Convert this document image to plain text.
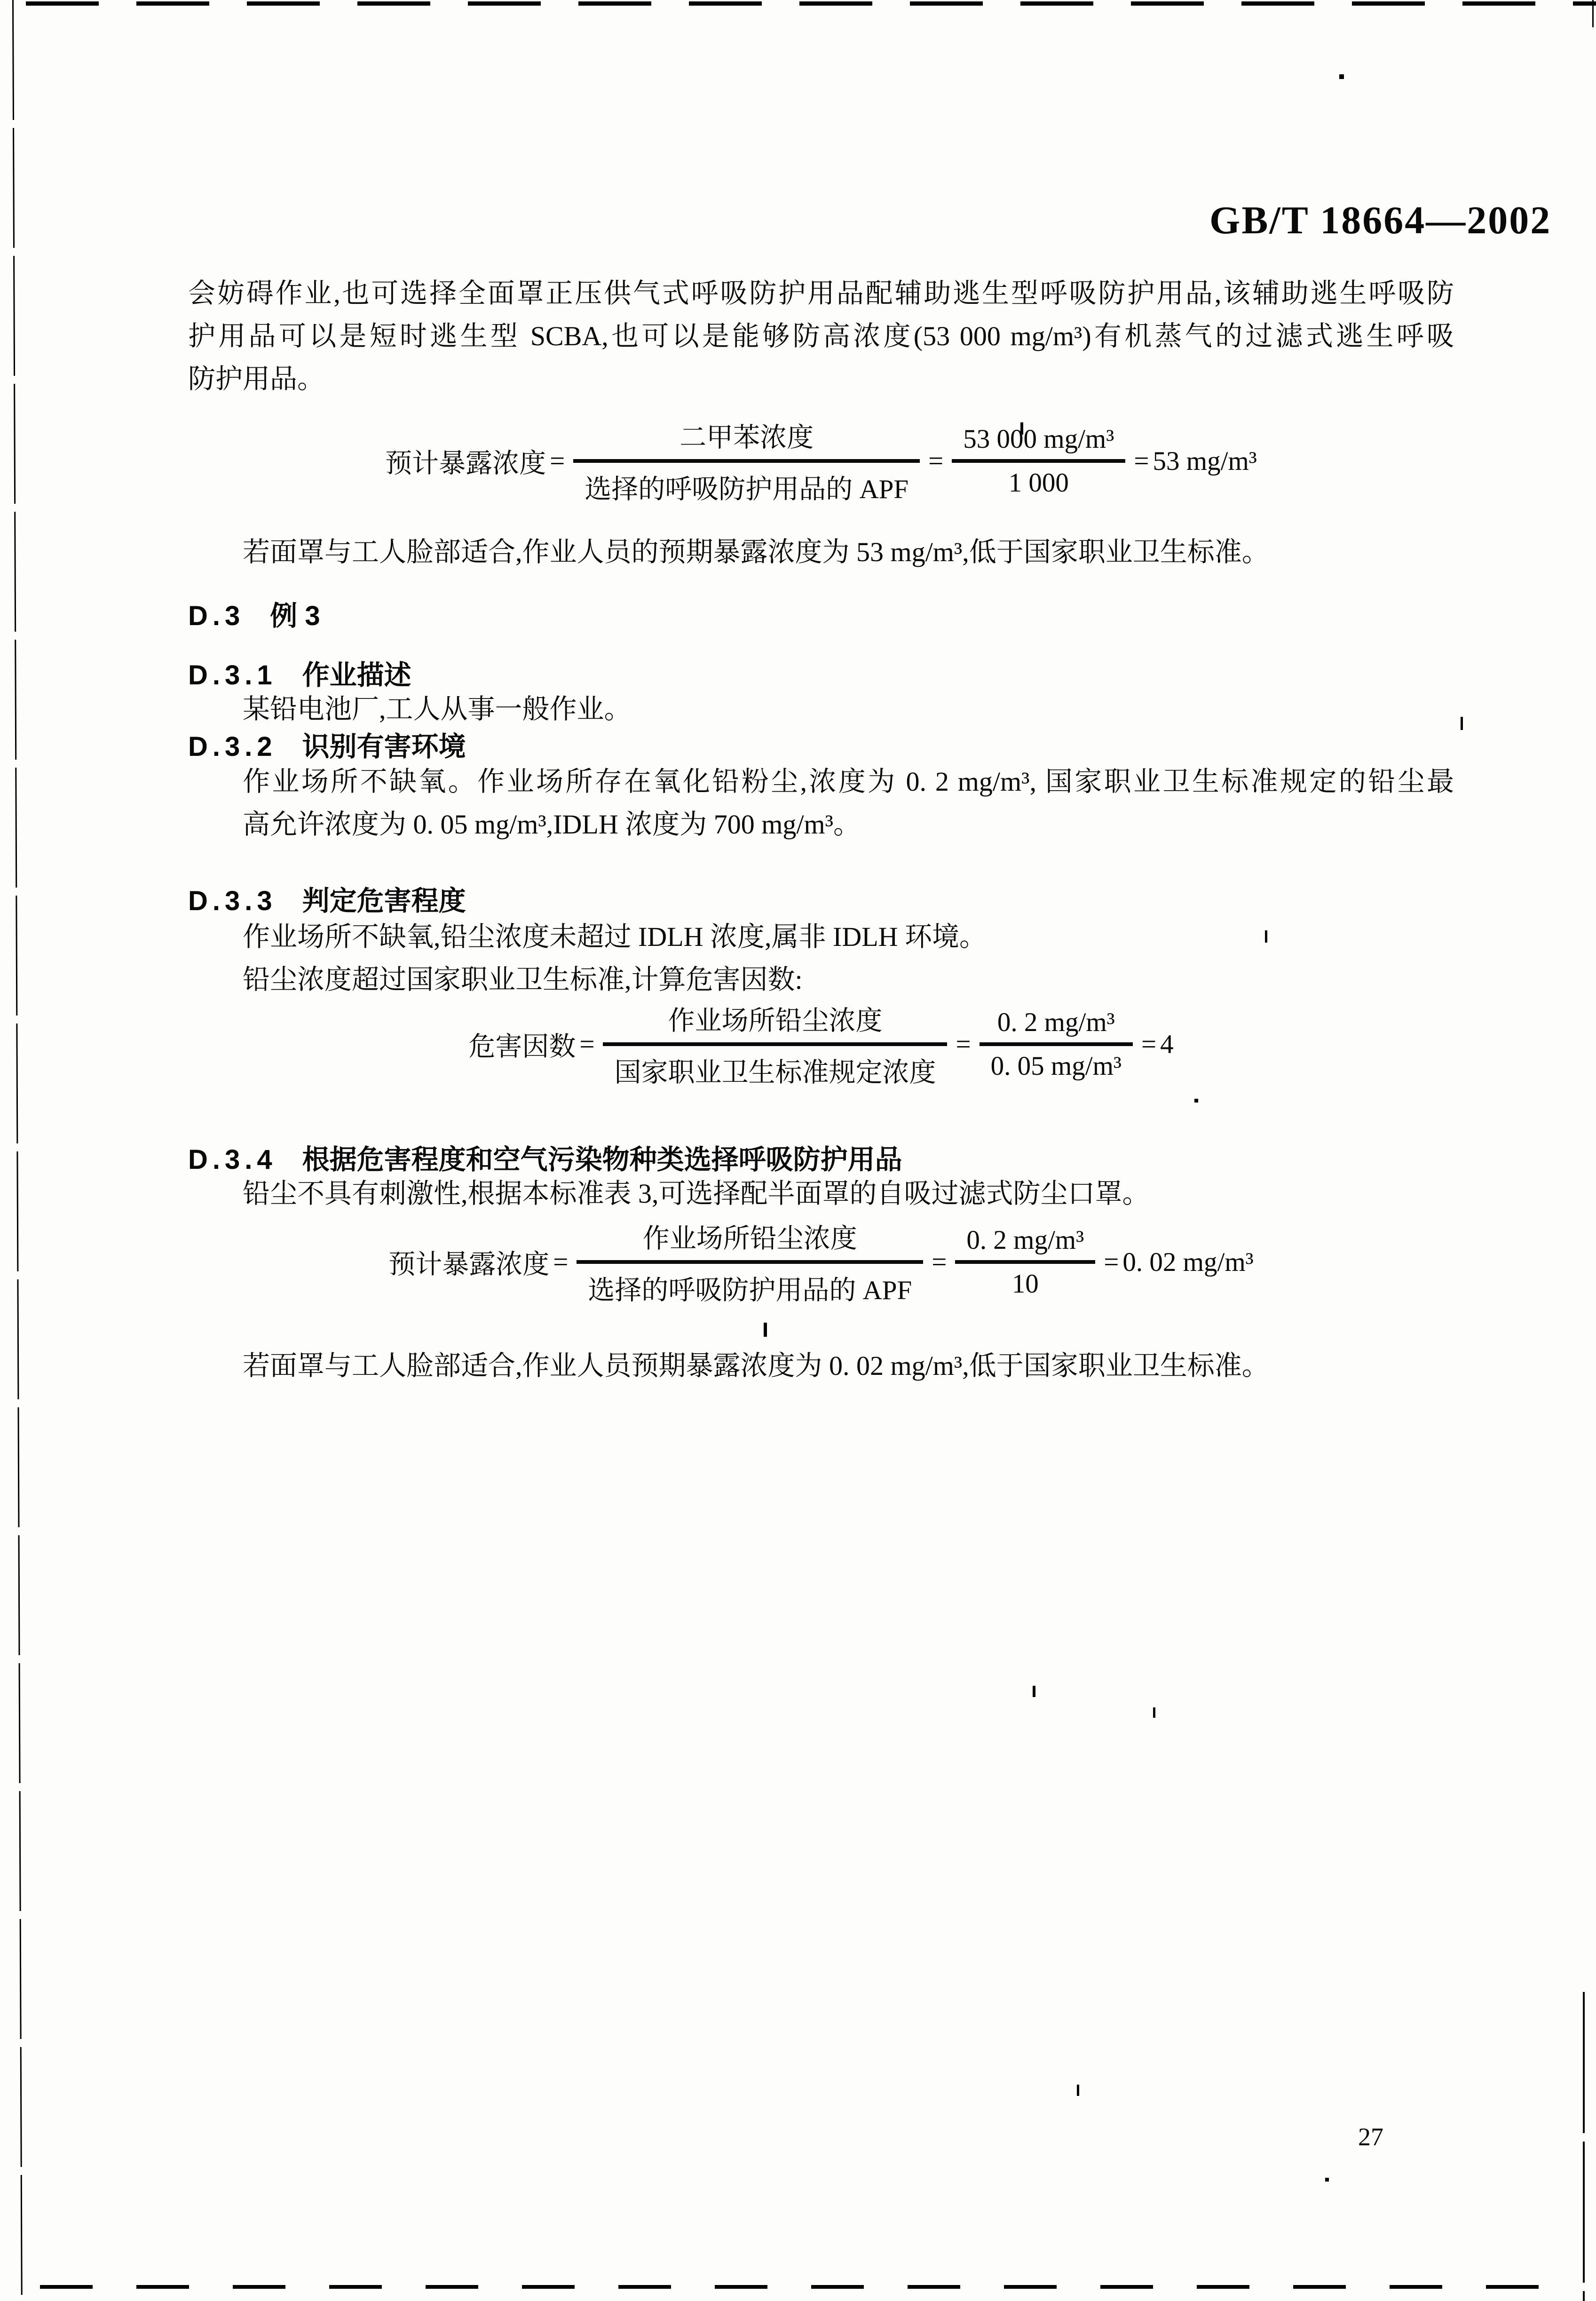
GB/T 18664—2002
会妨碍作业,也可选择全面罩正压供气式呼吸防护用品配辅助逃生型呼吸防护用品,该辅助逃生呼吸防
护用品可以是短时逃生型 SCBA,也可以是能够防高浓度(53 000 mg/m³)有机蒸气的过滤式逃生呼吸
防护用品。
预计暴露浓度 =
二甲苯浓度
选择的呼吸防护用品的 APF
=
53 000 mg/m³
1 000
= 53 mg/m³
若面罩与工人脸部适合,作业人员的预期暴露浓度为 53 mg/m³,低于国家职业卫生标准。
D.3 例 3
D.3.1 作业描述
某铅电池厂,工人从事一般作业。
D.3.2 识别有害环境
作业场所不缺氧。作业场所存在氧化铅粉尘,浓度为 0. 2 mg/m³, 国家职业卫生标准规定的铅尘最
高允许浓度为 0. 05 mg/m³,IDLH 浓度为 700 mg/m³。
D.3.3 判定危害程度
作业场所不缺氧,铅尘浓度未超过 IDLH 浓度,属非 IDLH 环境。
铅尘浓度超过国家职业卫生标准,计算危害因数:
危害因数 =
作业场所铅尘浓度
国家职业卫生标准规定浓度
=
0. 2 mg/m³
0. 05 mg/m³
= 4
D.3.4 根据危害程度和空气污染物种类选择呼吸防护用品
铅尘不具有刺激性,根据本标准表 3,可选择配半面罩的自吸过滤式防尘口罩。
预计暴露浓度 =
作业场所铅尘浓度
选择的呼吸防护用品的 APF
=
0. 2 mg/m³
10
= 0. 02 mg/m³
若面罩与工人脸部适合,作业人员预期暴露浓度为 0. 02 mg/m³,低于国家职业卫生标准。
27
